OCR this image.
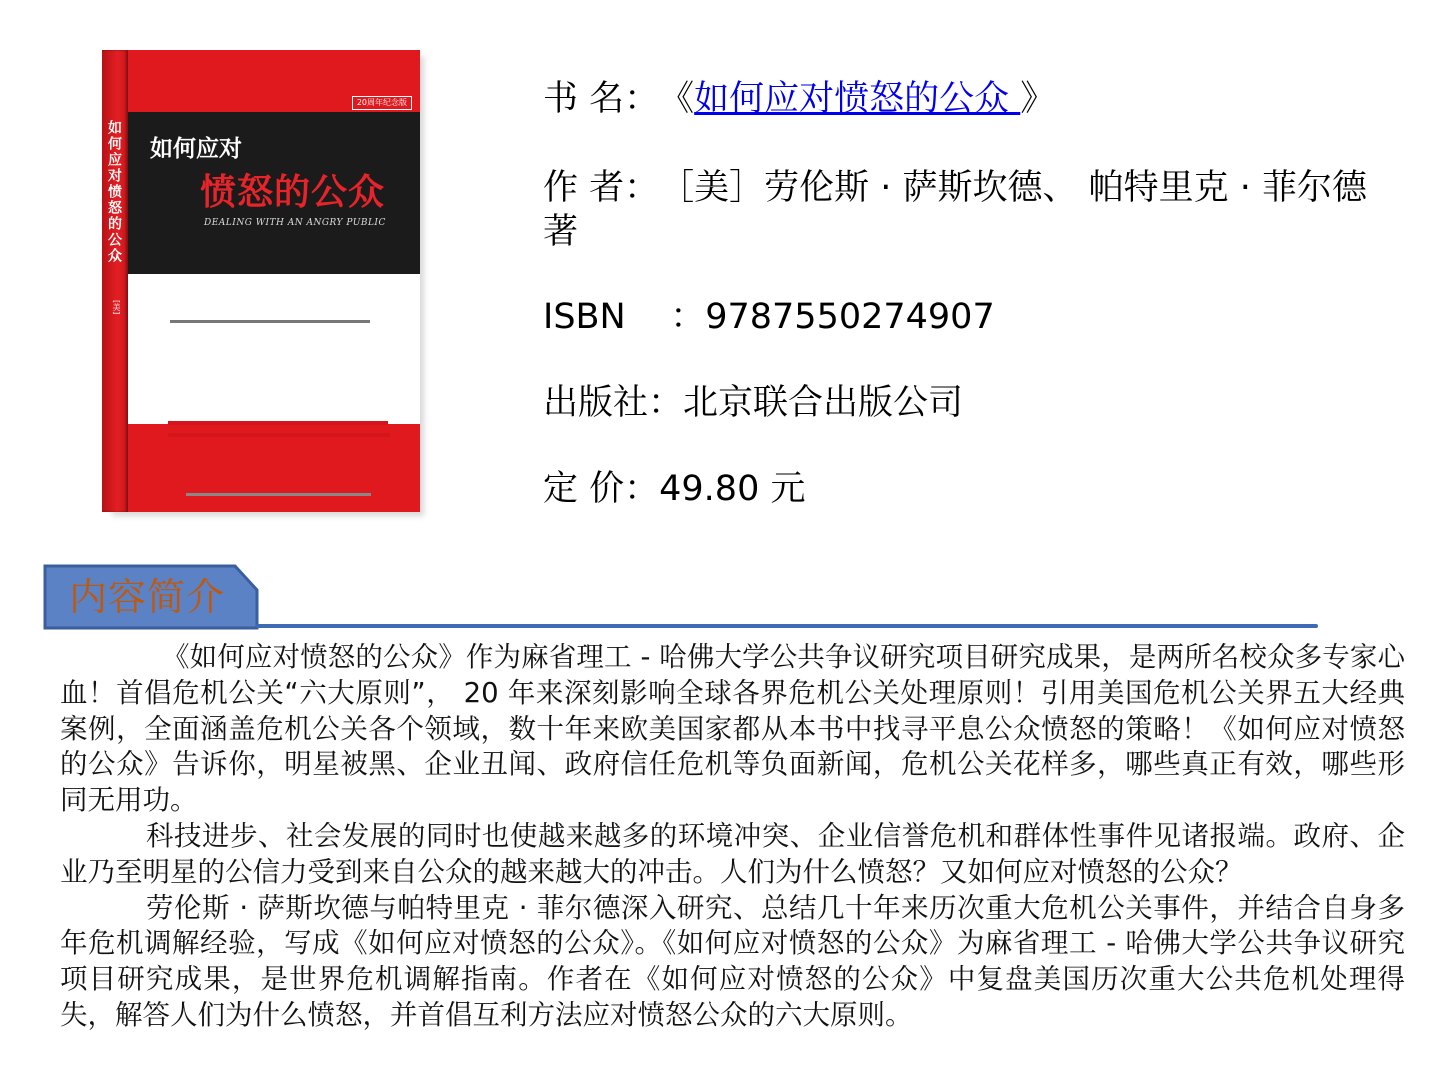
如何应对愤怒的公众
[美]
20周年纪念版
如何应对
愤怒的公众
DEALING WITH AN ANGRY PUBLIC
书 名：《如何应对愤怒的公众 》
作 者：［美］劳伦斯 · 萨斯坎德、 帕特里克 · 菲尔德 著
ISBN    ：9787550274907
出版社：北京联合出版公司
定 价：49.80 元
内容简介

《如何应对愤怒的公众》作为麻省理工 - 哈佛大学公共争议研究项目研究成果，是两所名校众多专家心血！首倡危机公关“六大原则”， 20 年来深刻影响全球各界危机公关处理原则！引用美国危机公关界五大经典案例，全面涵盖危机公关各个领域，数十年来欧美国家都从本书中找寻平息公众愤怒的策略！《如何应对愤怒的公众》告诉你，明星被黑、企业丑闻、政府信任危机等负面新闻，危机公关花样多，哪些真正有效，哪些形同无用功。

科技进步、社会发展的同时也使越来越多的环境冲突、企业信誉危机和群体性事件见诸报端。政府、企业乃至明星的公信力受到来自公众的越来越大的冲击。人们为什么愤怒？又如何应对愤怒的公众？

劳伦斯 · 萨斯坎德与帕特里克 · 菲尔德深入研究、总结几十年来历次重大危机公关事件，并结合自身多年危机调解经验，写成《如何应对愤怒的公众》。《如何应对愤怒的公众》为麻省理工 - 哈佛大学公共争议研究项目研究成果，是世界危机调解指南。作者在《如何应对愤怒的公众》中复盘美国历次重大公共危机处理得失，解答人们为什么愤怒，并首倡互利方法应对愤怒公众的六大原则。
